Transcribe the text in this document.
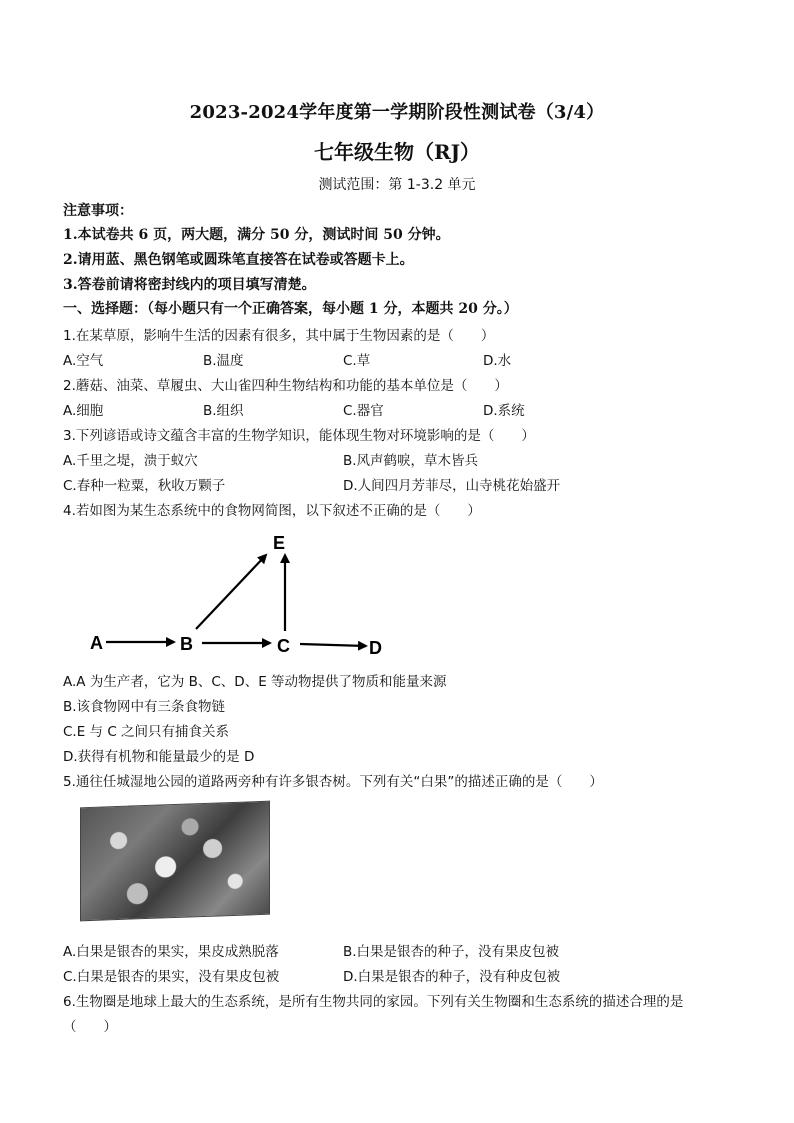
2023-2024学年度第一学期阶段性测试卷（3/4）
七年级生物（RJ）
测试范围：第 1-3.2 单元
注意事项：
1.本试卷共 6 页，两大题，满分 50 分，测试时间 50 分钟。
2.请用蓝、黑色钢笔或圆珠笔直接答在试卷或答题卡上。
3.答卷前请将密封线内的项目填写清楚。
一、选择题：（每小题只有一个正确答案，每小题 1 分，本题共 20 分。）
1.在某草原，影响牛生活的因素有很多，其中属于生物因素的是（　　）
A.空气	B.温度	C.草	D.水
2.蘑菇、油菜、草履虫、大山雀四种生物结构和功能的基本单位是（　　）
A.细胞	B.组织	C.器官	D.系统
3.下列谚语或诗文蕴含丰富的生物学知识，能体现生物对环境影响的是（　　）
A.千里之堤，溃于蚁穴	B.风声鹤唳，草木皆兵
C.春种一粒粟，秋收万颗子	D.人间四月芳菲尽，山寺桃花始盛开
4.若如图为某生态系统中的食物网简图，以下叙述不正确的是（　　）
A	B	C	D
E
A.A 为生产者，它为 B、C、D、E 等动物提供了物质和能量来源
B.该食物网中有三条食物链
C.E 与 C 之间只有捕食关系
D.获得有机物和能量最少的是 D
5.通往任城湿地公园的道路两旁种有许多银杏树。下列有关“白果”的描述正确的是（　　）
A.白果是银杏的果实，果皮成熟脱落	B.白果是银杏的种子，没有果皮包被
C.白果是银杏的果实，没有果皮包被	D.白果是银杏的种子，没有种皮包被
6.生物圈是地球上最大的生态系统，是所有生物共同的家园。下列有关生物圈和生态系统的描述合理的是
（　　）
